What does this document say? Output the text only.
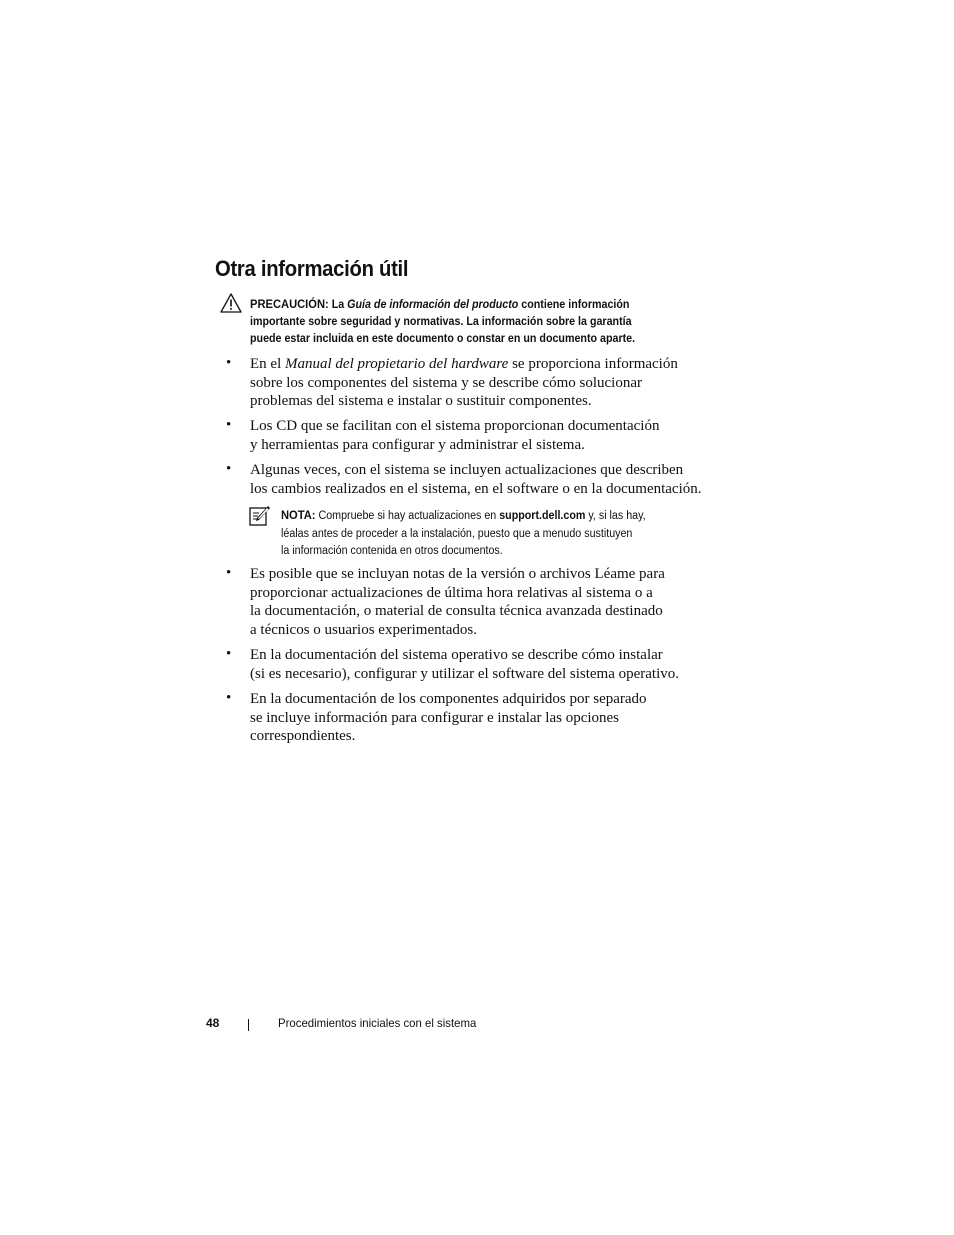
Otra información útil
PRECAUCIÓN: La Guía de información del producto contiene información
importante sobre seguridad y normativas. La información sobre la garantía
puede estar incluida en este documento o constar en un documento aparte.
• En el Manual del propietario del hardware se proporciona información
sobre los componentes del sistema y se describe cómo solucionar
problemas del sistema e instalar o sustituir componentes.
• Los CD que se facilitan con el sistema proporcionan documentación
y herramientas para configurar y administrar el sistema.
• Algunas veces, con el sistema se incluyen actualizaciones que describen
los cambios realizados en el sistema, en el software o en la documentación.
NOTA: Compruebe si hay actualizaciones en support.dell.com y, si las hay,
léalas antes de proceder a la instalación, puesto que a menudo sustituyen
la información contenida en otros documentos.
• Es posible que se incluyan notas de la versión o archivos Léame para
proporcionar actualizaciones de última hora relativas al sistema o a
la documentación, o material de consulta técnica avanzada destinado
a técnicos o usuarios experimentados.
• En la documentación del sistema operativo se describe cómo instalar
(si es necesario), configurar y utilizar el software del sistema operativo.
• En la documentación de los componentes adquiridos por separado
se incluye información para configurar e instalar las opciones
correspondientes.
48	Procedimientos iniciales con el sistema
